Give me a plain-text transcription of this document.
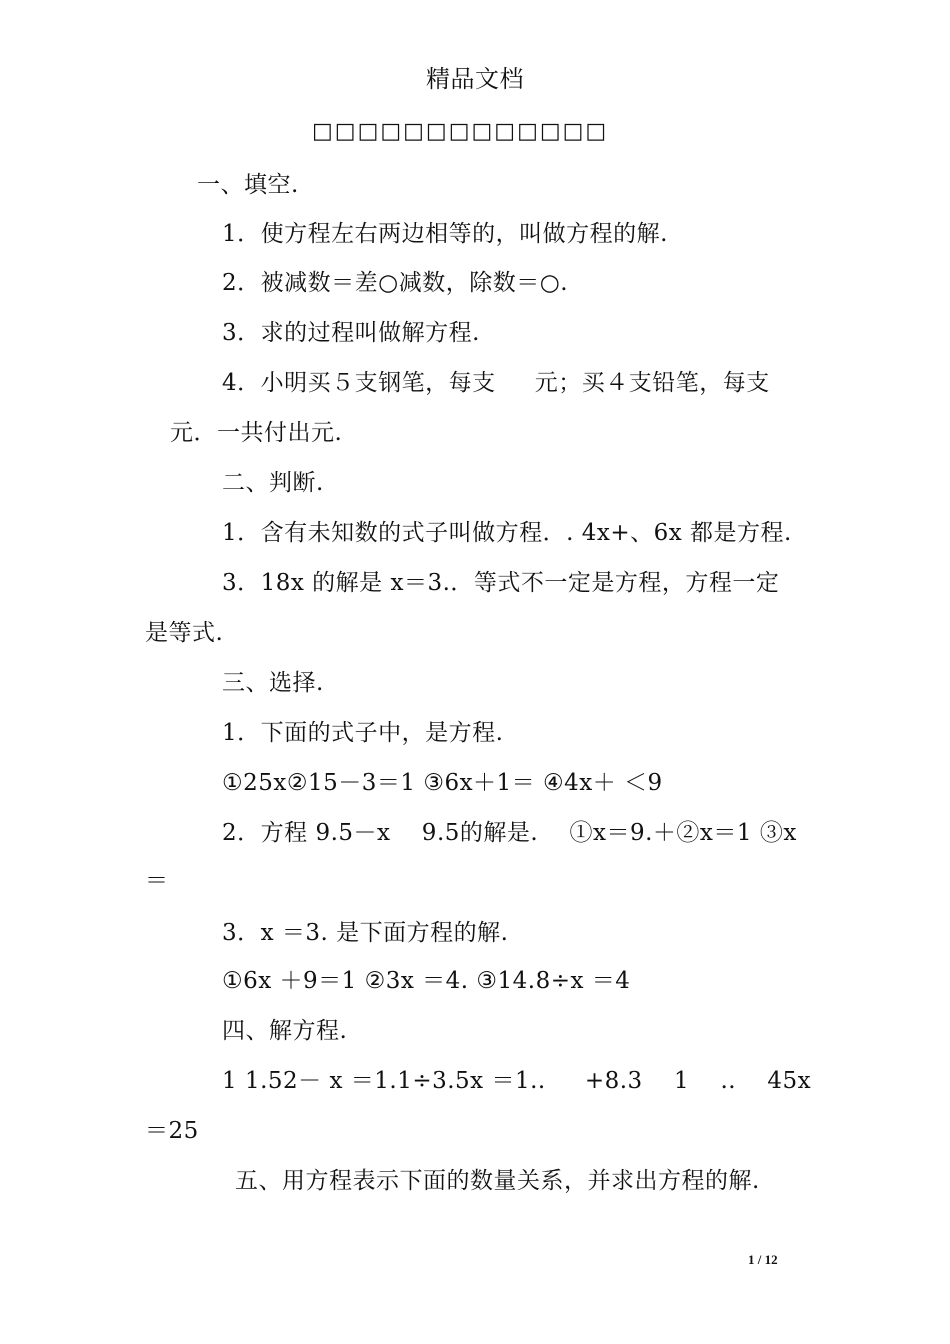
精品文档
□□□□□□□□□□□□□
一、填空.
1．使方程左右两边相等的，叫做方程的解.
2．被减数＝差○减数，除数＝○.
3．求的过程叫做解方程.
4．小明买５支钢笔，每支 　 元；买４支铅笔，每支
元．一共付出元.
二、判断.
1．含有未知数的式子叫做方程．. 4x+、6x 都是方程.
3．18x 的解是 x＝3.．等式不一定是方程，方程一定
是等式.
三、选择.
1．下面的式子中，是方程.
①25x②15－3＝1 ③6x＋1＝ ④4x＋ ＜9
2．方程 9.5－x 　9.5的解是. 　①x＝9.＋②x＝1 ③x
＝
3．x ＝3. 是下面方程的解.
①6x ＋9＝1 ②3x ＝4. ③14.8÷x ＝4
四、解方程.
1 1.52－ x ＝1.1÷3.5x ＝1.. 　 +8.3 　1 　.. 　45x
＝25
五、用方程表示下面的数量关系，并求出方程的解.
1 / 12
